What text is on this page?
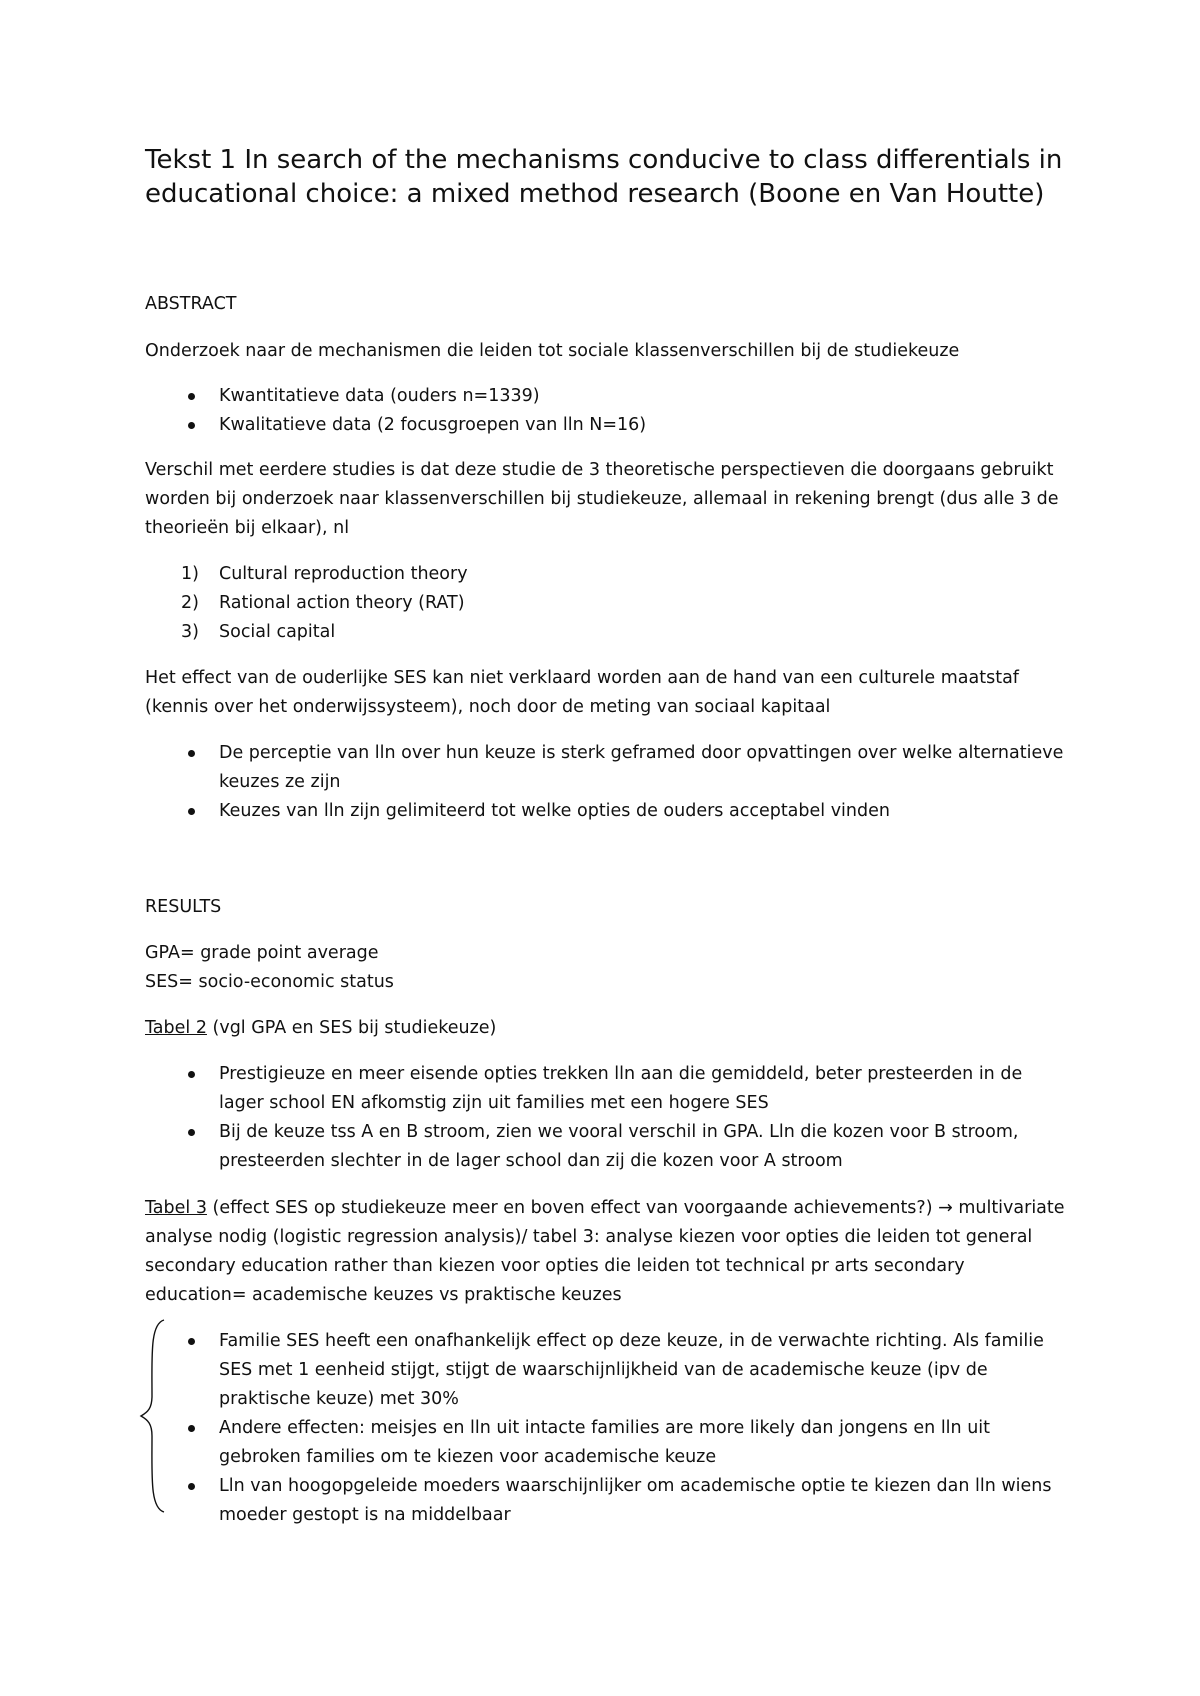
Tekst 1 In search of the mechanisms conducive to class differentials in educational choice: a mixed method research (Boone en Van Houtte)

ABSTRACT

Onderzoek naar de mechanismen die leiden tot sociale klassenverschillen bij de studiekeuze

Kwantitatieve data (ouders n=1339)
Kwalitatieve data (2 focusgroepen van lln N=16)

Verschil met eerdere studies is dat deze studie de 3 theoretische perspectieven die doorgaans gebruikt worden bij onderzoek naar klassenverschillen bij studiekeuze, allemaal in rekening brengt (dus alle 3 de theorieën bij elkaar), nl

1) Cultural reproduction theory
2) Rational action theory (RAT)
3) Social capital

Het effect van de ouderlijke SES kan niet verklaard worden aan de hand van een culturele maatstaf (kennis over het onderwijssysteem), noch door de meting van sociaal kapitaal

De perceptie van lln over hun keuze is sterk geframed door opvattingen over welke alternatieve keuzes ze zijn
Keuzes van lln zijn gelimiteerd tot welke opties de ouders acceptabel vinden

RESULTS

GPA= grade point average

SES= socio-economic status

Tabel 2 (vgl GPA en SES bij studiekeuze)

Prestigieuze en meer eisende opties trekken lln aan die gemiddeld, beter presteerden in de lager school EN afkomstig zijn uit families met een hogere SES
Bij de keuze tss A en B stroom, zien we vooral verschil in GPA. Lln die kozen voor B stroom, presteerden slechter in de lager school dan zij die kozen voor A stroom

Tabel 3 (effect SES op studiekeuze meer en boven effect van voorgaande achievements?) → multivariate analyse nodig (logistic regression analysis)/ tabel 3: analyse kiezen voor opties die leiden tot general secondary education rather than kiezen voor opties die leiden tot technical pr arts secondary education= academische keuzes vs praktische keuzes

Familie SES heeft een onafhankelijk effect op deze keuze, in de verwachte richting. Als familie SES met 1 eenheid stijgt, stijgt de waarschijnlijkheid van de academische keuze (ipv de praktische keuze) met 30%
Andere effecten: meisjes en lln uit intacte families are more likely dan jongens en lln uit gebroken families om te kiezen voor academische keuze
Lln van hoogopgeleide moeders waarschijnlijker om academische optie te kiezen dan lln wiens moeder gestopt is na middelbaar
